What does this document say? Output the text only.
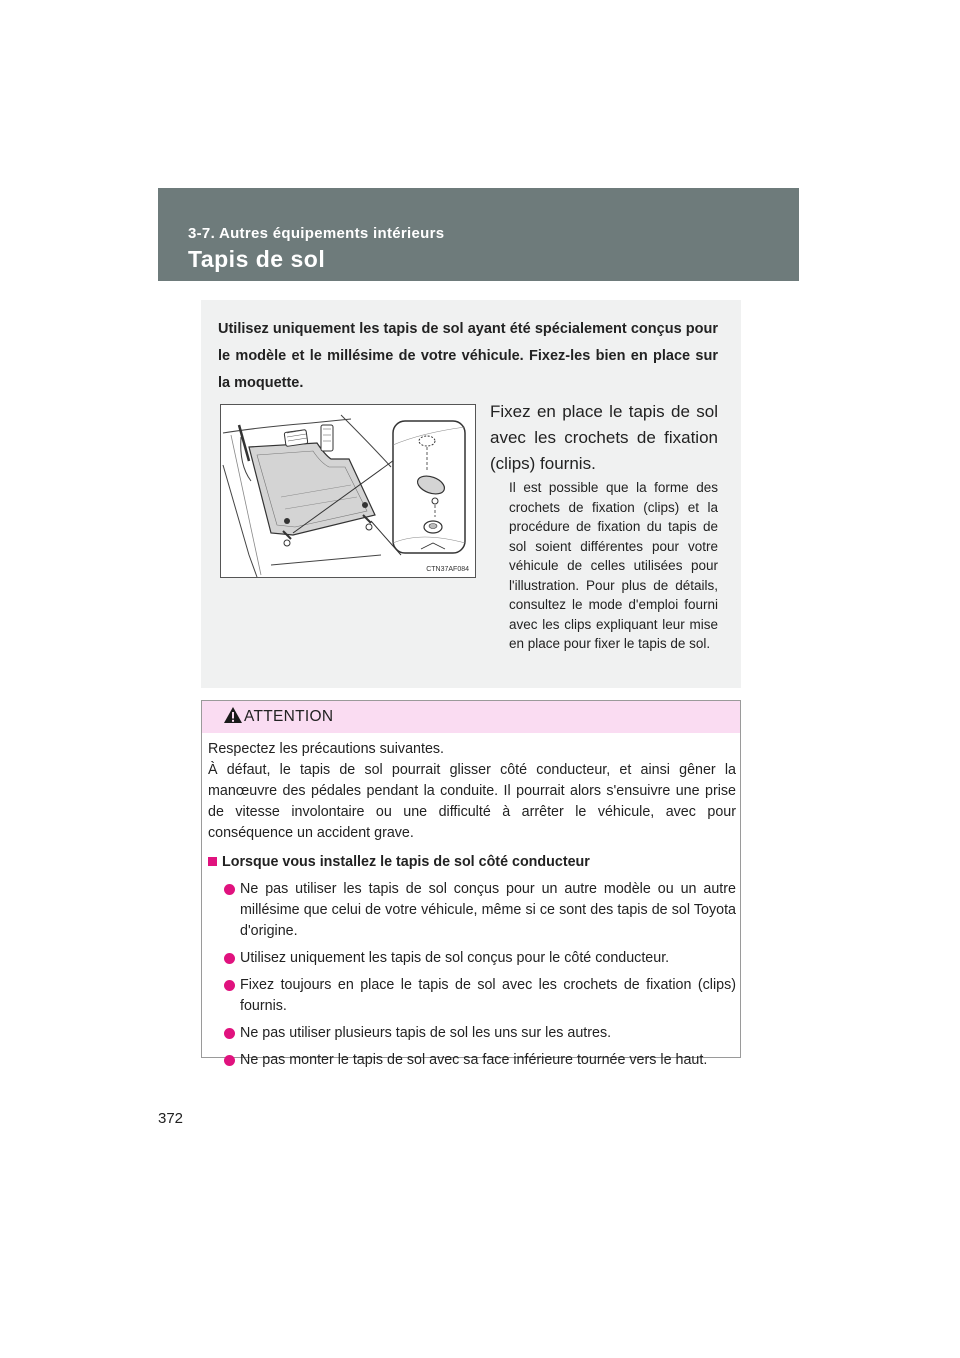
3-7. Autres équipements intérieurs
Tapis de sol
Utilisez uniquement les tapis de sol ayant été spécialement conçus pour le modèle et le millésime de votre véhicule. Fixez-les bien en place sur la moquette.
CTN37AF084
Fixez en place le tapis de sol avec les crochets de fixation (clips) fournis.
Il est possible que la forme des crochets de fixation (clips) et la procédure de fixation du tapis de sol soient différentes pour votre véhicule de celles utilisées pour l'illustration. Pour plus de détails, consultez le mode d'emploi fourni avec les clips expliquant leur mise en place pour fixer le tapis de sol.
ATTENTION

Respectez les précautions suivantes.

À défaut, le tapis de sol pourrait glisser côté conducteur, et ainsi gêner la manœuvre des pédales pendant la conduite. Il pourrait alors s'ensuivre une prise de vitesse involontaire ou une difficulté à arrêter le véhicule, avec pour conséquence un accident grave.

Lorsque vous installez le tapis de sol côté conducteur

Ne pas utiliser les tapis de sol conçus pour un autre modèle ou un autre millésime que celui de votre véhicule, même si ce sont des tapis de sol Toyota d'origine.

Utilisez uniquement les tapis de sol conçus pour le côté conducteur.

Fixez toujours en place le tapis de sol avec les crochets de fixation (clips) fournis.

Ne pas utiliser plusieurs tapis de sol les uns sur les autres.

Ne pas monter le tapis de sol avec sa face inférieure tournée vers le haut.

372
